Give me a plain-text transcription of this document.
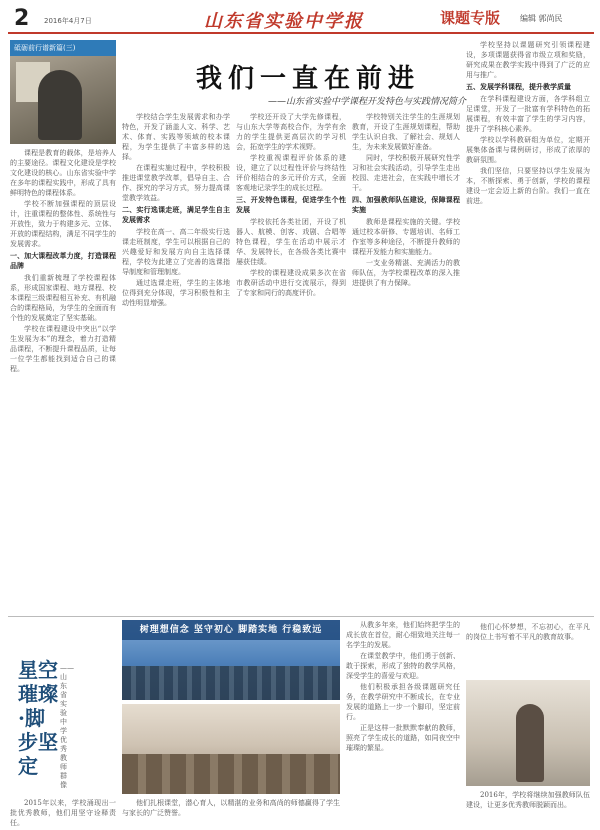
2 2016年4月7日	山东省实验中学报	课题专版 编辑 郭尚民
砥砺前行谱新篇(三)
我们一直在前进
——山东省实验中学课程开发特色与实践情况简介

课程是教育的载体，是培养人的主要途径。课程文化建设是学校文化建设的核心。山东省实验中学在多年的课程实践中，形成了具有鲜明特色的课程体系。

学校不断加强课程的顶层设计，注重课程的整体性、系统性与开放性，致力于构建多元、立体、开放的课程结构，满足不同学生的发展需求。

一、加大课程改革力度，打造课程品牌

我们重新梳理了学校课程体系，形成国家课程、地方课程、校本课程三级课程相互补充、有机融合的课程格局，为学生的全面而有个性的发展奠定了坚实基础。

学校在课程建设中突出“以学生发展为本”的理念，着力打造精品课程，不断提升课程品质，让每一位学生都能找到适合自己的课程。

学校结合学生发展需求和办学特色，开发了涵盖人文、科学、艺术、体育、实践等领域的校本课程，为学生提供了丰富多样的选择。

在课程实施过程中，学校积极推进课堂教学改革，倡导自主、合作、探究的学习方式，努力提高课堂教学效益。

二、实行选课走班，满足学生自主发展需求

学校在高一、高二年级实行选课走班制度，学生可以根据自己的兴趣爱好和发展方向自主选择课程，学校为此建立了完善的选课指导制度和管理制度。

通过选课走班，学生的主体地位得到充分体现，学习积极性和主动性明显增强。

学校还开设了大学先修课程，与山东大学等高校合作，为学有余力的学生提供更高层次的学习机会，拓宽学生的学术视野。

学校重视课程评价体系的建设，建立了以过程性评价与终结性评价相结合的多元评价方式，全面客观地记录学生的成长过程。

三、开发特色课程，促进学生个性发展

学校依托各类社团，开设了机器人、航模、创客、戏剧、合唱等特色课程，学生在活动中展示才华、发展特长，在各级各类比赛中屡获佳绩。

学校的课程建设成果多次在省市教研活动中进行交流展示，得到了专家和同行的高度评价。

学校特别关注学生的生涯规划教育，开设了生涯规划课程，帮助学生认识自我、了解社会、规划人生，为未来发展做好准备。

同时，学校积极开展研究性学习和社会实践活动，引导学生走出校园、走进社会，在实践中增长才干。

四、加强教师队伍建设，保障课程实施

教师是课程实施的关键。学校通过校本研修、专题培训、名师工作室等多种途径，不断提升教师的课程开发能力和实施能力。

一支业务精湛、充满活力的教师队伍，为学校课程改革的深入推进提供了有力保障。

学校坚持以课题研究引领课程建设，多项课题获得省市级立项和奖励，研究成果在教学实践中得到了广泛的应用与推广。

五、发展学科课程，提升教学质量

在学科课程建设方面，各学科组立足课堂，开发了一批富有学科特色的拓展课程，有效丰富了学生的学习内容，提升了学科核心素养。

学校以学科教研组为单位，定期开展集体备课与课例研讨，形成了浓厚的教研氛围。

我们坚信，只要坚持以学生发展为本，不断探索、勇于创新，学校的课程建设一定会迈上新的台阶。我们一直在前进。

星空璀璨·脚步坚定
——山东省实验中学优秀教师群像
树理想信念 坚守初心 脚踏实地 行稳致远

2015年以来，学校涌现出一批优秀教师，他们用坚守诠释责任。

他们扎根课堂，潜心育人，以精湛的业务和高尚的师德赢得了学生与家长的广泛赞誉。

从教多年来，他们始终把学生的成长放在首位，耐心细致地关注每一名学生的发展。

在课堂教学中，他们勇于创新、敢于探索，形成了独特的教学风格，深受学生的喜爱与欢迎。

他们积极承担各级课题研究任务，在教学研究中不断成长，在专业发展的道路上一步一个脚印，坚定前行。

正是这样一批默默奉献的教师，照亮了学生成长的道路，如同夜空中璀璨的繁星。

他们心怀梦想，不忘初心，在平凡的岗位上书写着不平凡的教育故事。

2016年，学校将继续加强教师队伍建设，让更多优秀教师脱颖而出。
